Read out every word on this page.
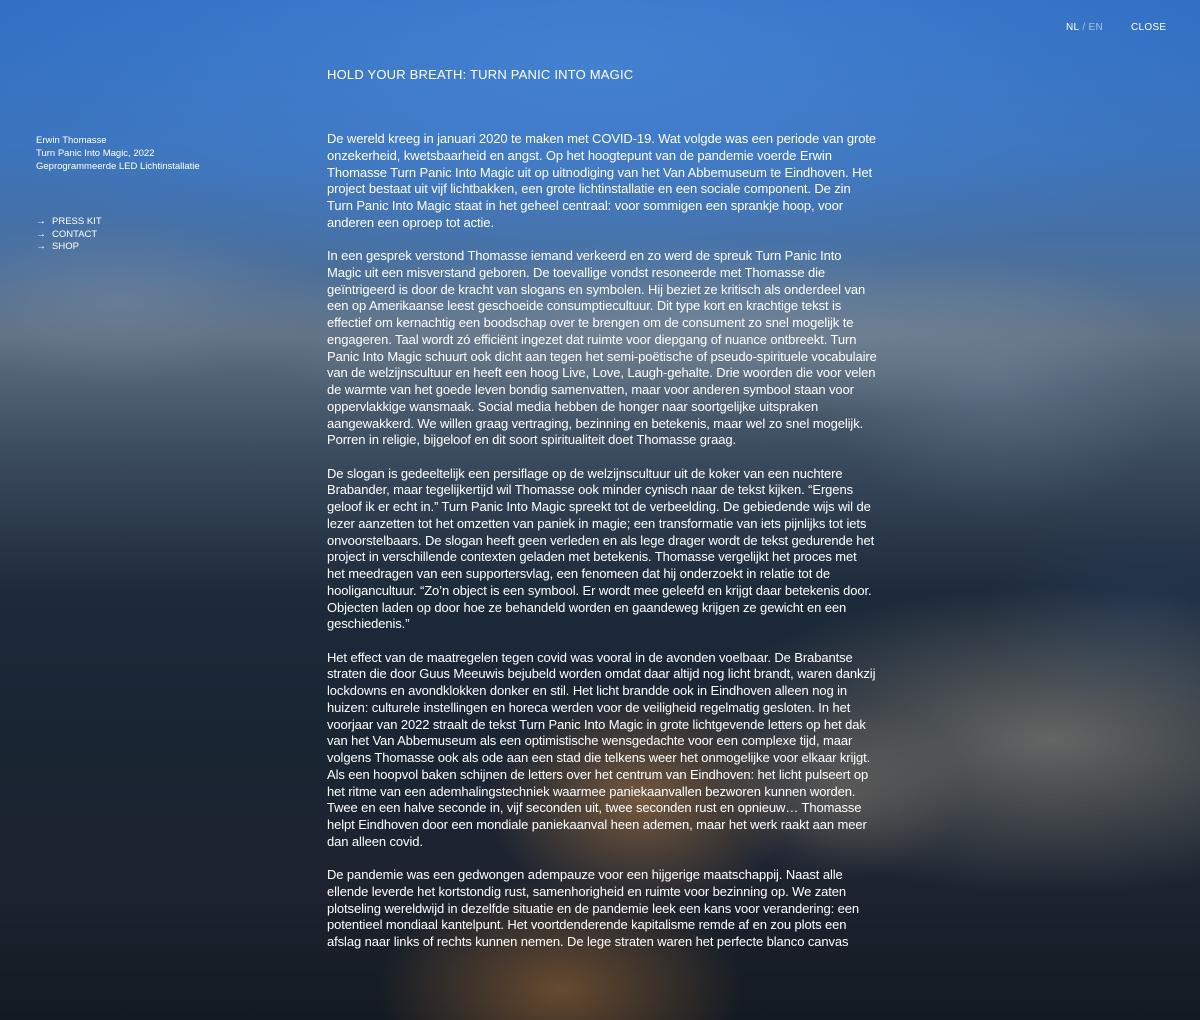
NL / EN	CLOSE
HOLD YOUR BREATH: TURN PANIC INTO MAGIC
Erwin Thomasse
Turn Panic Into Magic, 2022
Geprogrammeerde LED Lichtinstallatie
→ PRESS KIT
→ CONTACT
→ SHOP

De wereld kreeg in januari 2020 te maken met COVID-19. Wat volgde was een periode van grote onzekerheid, kwetsbaarheid en angst. Op het hoogtepunt van de pandemie voerde Erwin Thomasse Turn Panic Into Magic uit op uitnodiging van het Van Abbemuseum te Eindhoven. Het project bestaat uit vijf lichtbakken, een grote lichtinstallatie en een sociale component. De zin Turn Panic Into Magic staat in het geheel centraal: voor sommigen een sprankje hoop, voor anderen een oproep tot actie.

In een gesprek verstond Thomasse iemand verkeerd en zo werd de spreuk Turn Panic Into Magic uit een misverstand geboren. De toevallige vondst resoneerde met Thomasse die geïntrigeerd is door de kracht van slogans en symbolen. Hij beziet ze kritisch als onderdeel van een op Amerikaanse leest geschoeide consumptiecultuur. Dit type kort en krachtige tekst is effectief om kernachtig een boodschap over te brengen om de consument zo snel mogelijk te engageren. Taal wordt zó efficiënt ingezet dat ruimte voor diepgang of nuance ontbreekt. Turn Panic Into Magic schuurt ook dicht aan tegen het semi-poëtische of pseudo-spirituele vocabulaire van de welzijnscultuur en heeft een hoog Live, Love, Laugh-gehalte. Drie woorden die voor velen de warmte van het goede leven bondig samenvatten, maar voor anderen symbool staan voor oppervlakkige wansmaak. Social media hebben de honger naar soortgelijke uitspraken aangewakkerd. We willen graag vertraging, bezinning en betekenis, maar wel zo snel mogelijk. Porren in religie, bijgeloof en dit soort spiritualiteit doet Thomasse graag.

De slogan is gedeeltelijk een persiflage op de welzijnscultuur uit de koker van een nuchtere Brabander, maar tegelijkertijd wil Thomasse ook minder cynisch naar de tekst kijken. “Ergens geloof ik er echt in.” Turn Panic Into Magic spreekt tot de verbeelding. De gebiedende wijs wil de lezer aanzetten tot het omzetten van paniek in magie; een transformatie van iets pijnlijks tot iets onvoorstelbaars. De slogan heeft geen verleden en als lege drager wordt de tekst gedurende het project in verschillende contexten geladen met betekenis. Thomasse vergelijkt het proces met het meedragen van een supportersvlag, een fenomeen dat hij onderzoekt in relatie tot de hooligancultuur. “Zo’n object is een symbool. Er wordt mee geleefd en krijgt daar betekenis door. Objecten laden op door hoe ze behandeld worden en gaandeweg krijgen ze gewicht en een geschiedenis.”

Het effect van de maatregelen tegen covid was vooral in de avonden voelbaar. De Brabantse straten die door Guus Meeuwis bejubeld worden omdat daar altijd nog licht brandt, waren dankzij lockdowns en avondklokken donker en stil. Het licht brandde ook in Eindhoven alleen nog in huizen: culturele instellingen en horeca werden voor de veiligheid regelmatig gesloten. In het voorjaar van 2022 straalt de tekst Turn Panic Into Magic in grote lichtgevende letters op het dak van het Van Abbemuseum als een optimistische wensgedachte voor een complexe tijd, maar volgens Thomasse ook als ode aan een stad die telkens weer het onmogelijke voor elkaar krijgt. Als een hoopvol baken schijnen de letters over het centrum van Eindhoven: het licht pulseert op het ritme van een ademhalingstechniek waarmee paniekaanvallen bezworen kunnen worden. Twee en een halve seconde in, vijf seconden uit, twee seconden rust en opnieuw… Thomasse helpt Eindhoven door een mondiale paniekaanval heen ademen, maar het werk raakt aan meer dan alleen covid.

De pandemie was een gedwongen adempauze voor een hijgerige maatschappij. Naast alle ellende leverde het kortstondig rust, samenhorigheid en ruimte voor bezinning op. We zaten plotseling wereldwijd in dezelfde situatie en de pandemie leek een kans voor verandering: een potentieel mondiaal kantelpunt. Het voortdenderende kapitalisme remde af en zou plots een afslag naar links of rechts kunnen nemen. De lege straten waren het perfecte blanco canvas
